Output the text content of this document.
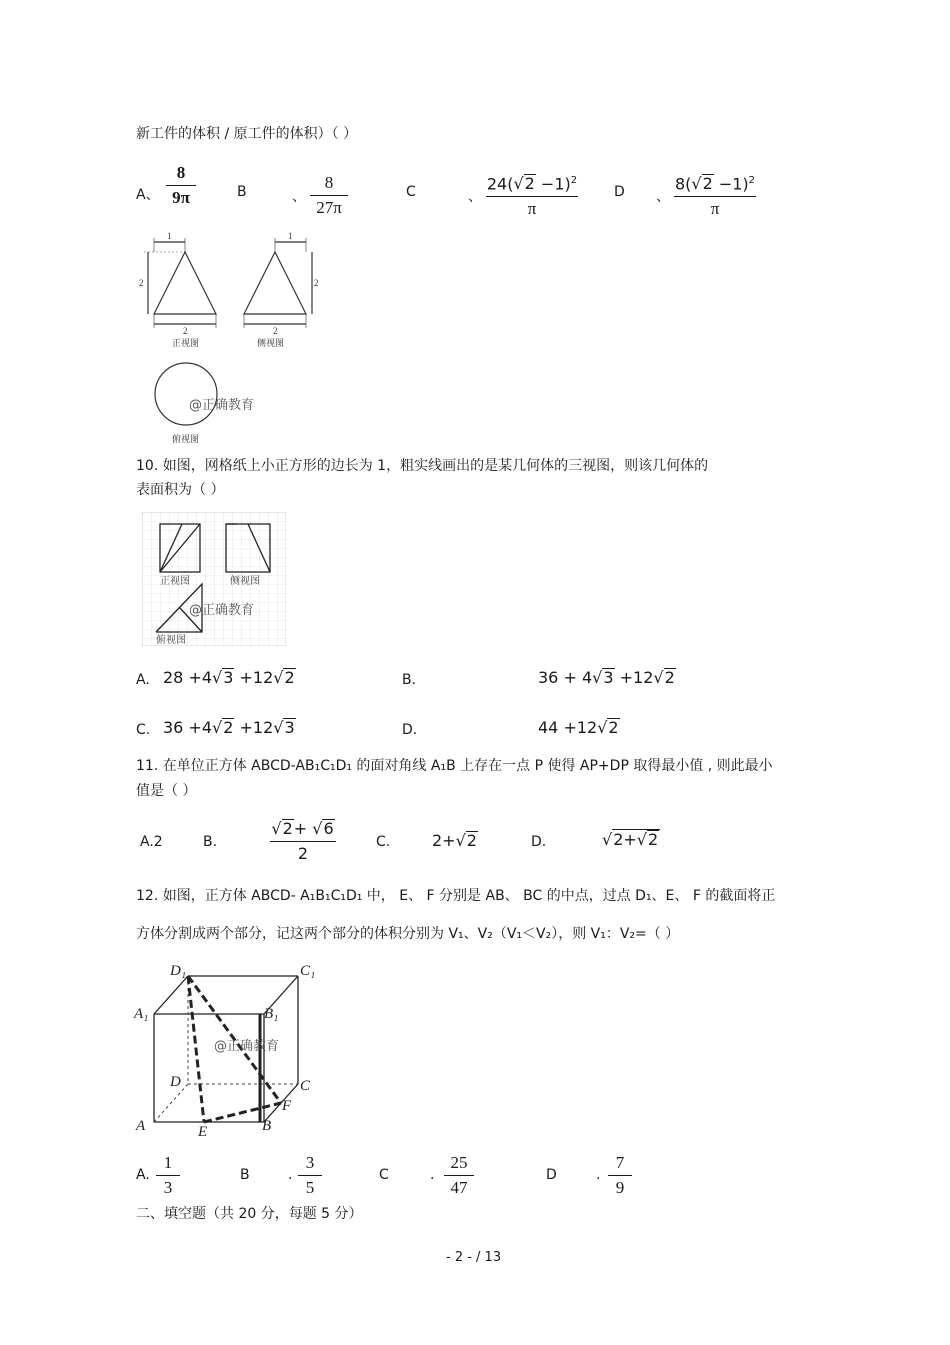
新工件的体积 / 原工件的体积）（ ）
A、
8
9π	B	、
8
27π
C	、
$24(√2 -1)^2$
π
D 、
$8(√2 -1)^2$
π
1
2
2
1
2
2
正视图	侧视图
俯视图
@正确教育
10. 如图，网格纸上小正方形的边长为 1，粗实线画出的是某几何体的三视图，则该几何体的
表面积为（ ）
正视图	侧视图
俯视图
@正确教育
A. 28 +4√3 +12√2	B.	36 + 4√3 +12√2
C. 36 +4√2 +12√3	D.	44 +12√2
11. 在单位正方体 ABCD-AB₁C₁D₁ 的面对角线 A₁B 上存在一点 P 使得 AP+DP 取得最小值 , 则此最小
值是（ ）
A.2	B.
√2+ √6
2
C.	2+√2	D.	√2+√2
12. 如图，正方体 ABCD- A₁B₁C₁D₁ 中， E、 F 分别是 AB、 BC 的中点，过点 D₁、E、 F 的截面将正
方体分割成两个部分，记这两个部分的体积分别为 V₁、V₂（V₁＜V₂），则 V₁：V₂=（ ）
D₁	C₁
A₁	B₁
D	C
A	E	B
F
@正确教育
A.
1
3
B	.
3
5
C	.
25
47
D	.
7
9
二、填空题（共 20 分，每题 5 分）
- 2 - / 13
